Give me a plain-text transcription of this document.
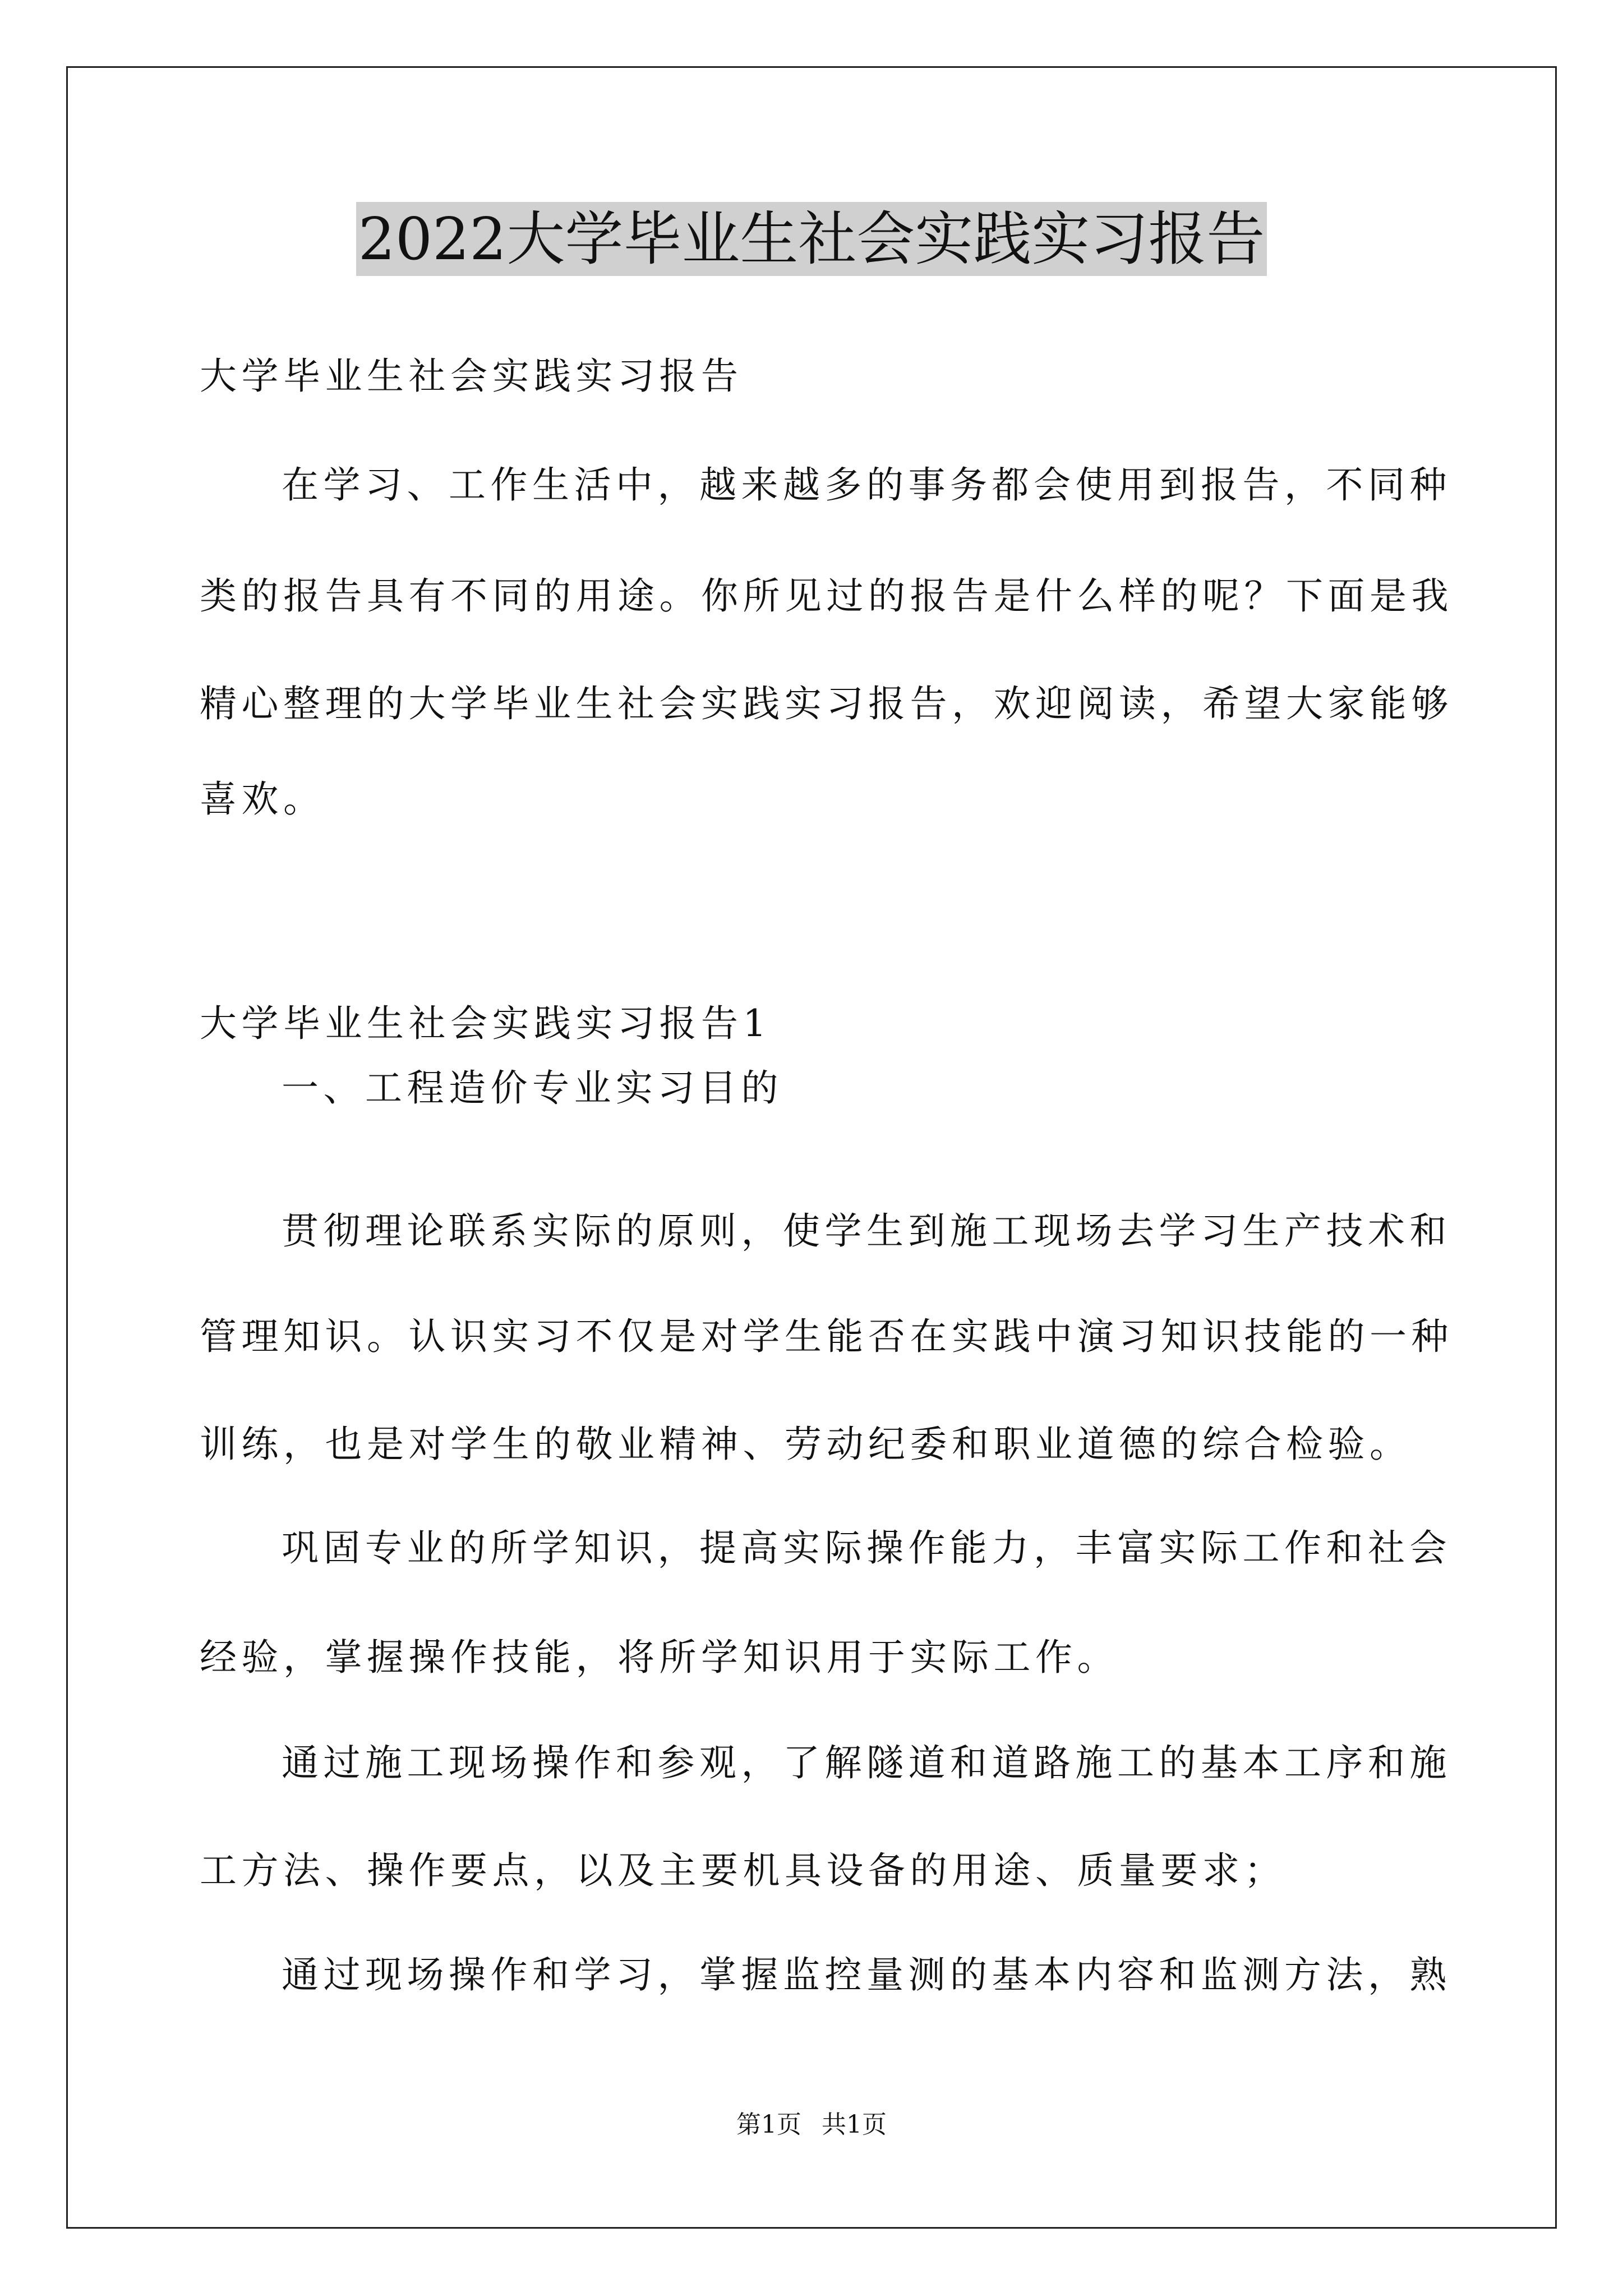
2022大学毕业生社会实践实习报告
大学毕业生社会实践实习报告
在学习、工作生活中，越来越多的事务都会使用到报告，不同种
类的报告具有不同的用途。你所见过的报告是什么样的呢？下面是我
精心整理的大学毕业生社会实践实习报告，欢迎阅读，希望大家能够
喜欢。
大学毕业生社会实践实习报告1
一、工程造价专业实习目的
贯彻理论联系实际的原则，使学生到施工现场去学习生产技术和
管理知识。认识实习不仅是对学生能否在实践中演习知识技能的一种
训练，也是对学生的敬业精神、劳动纪委和职业道德的综合检验。
巩固专业的所学知识，提高实际操作能力，丰富实际工作和社会
经验，掌握操作技能，将所学知识用于实际工作。
通过施工现场操作和参观，了解隧道和道路施工的基本工序和施
工方法、操作要点，以及主要机具设备的用途、质量要求；
通过现场操作和学习，掌握监控量测的基本内容和监测方法，熟
第1页 共1页
